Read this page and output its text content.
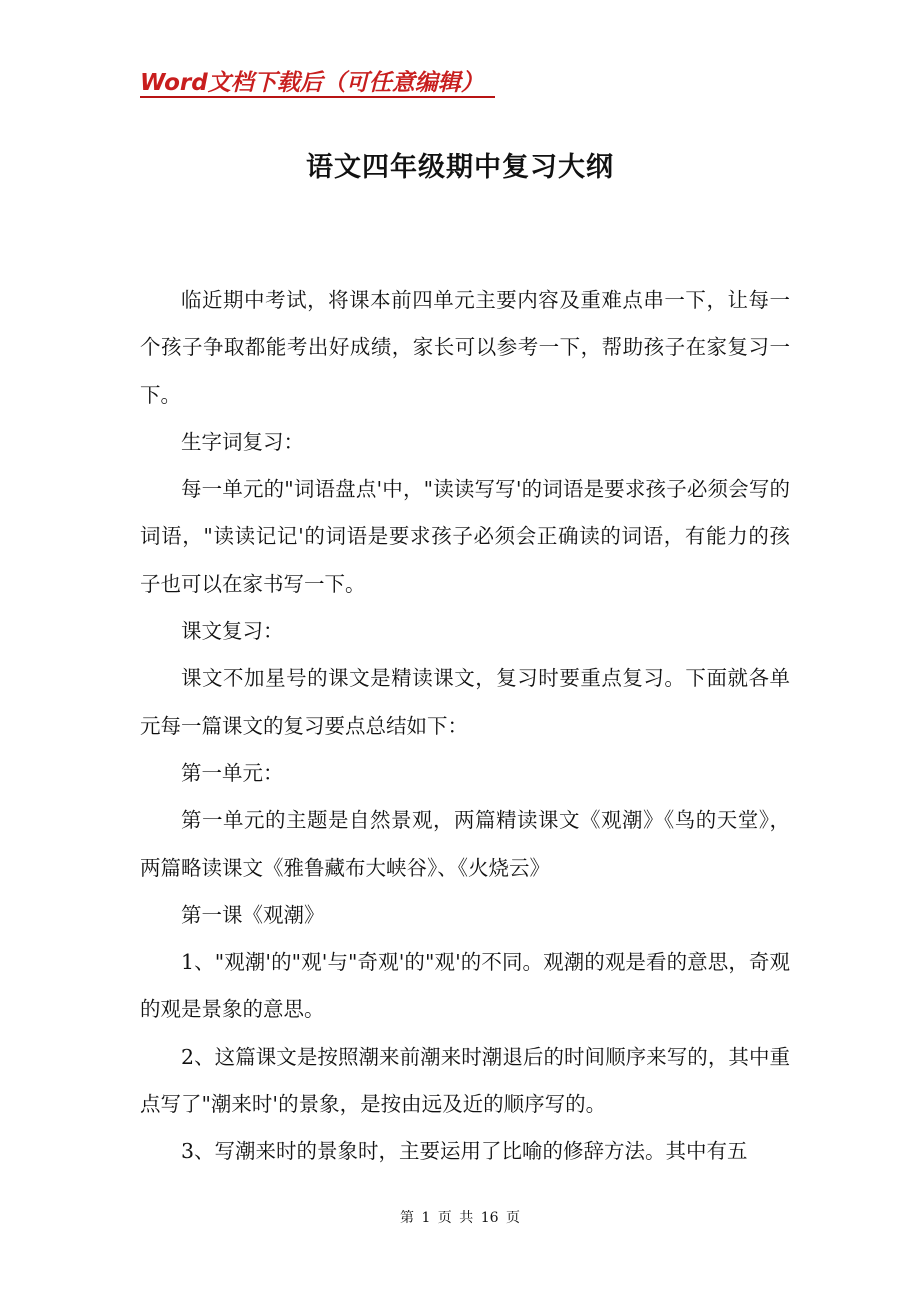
Word文档下载后（可任意编辑）
语文四年级期中复习大纲

临近期中考试，将课本前四单元主要内容及重难点串一下，让每一个孩子争取都能考出好成绩，家长可以参考一下，帮助孩子在家复习一下。

生字词复习：

每一单元的"词语盘点'中，"读读写写'的词语是要求孩子必须会写的词语，"读读记记'的词语是要求孩子必须会正确读的词语，有能力的孩子也可以在家书写一下。

课文复习：

课文不加星号的课文是精读课文，复习时要重点复习。下面就各单元每一篇课文的复习要点总结如下：

第一单元：

第一单元的主题是自然景观，两篇精读课文《观潮》《鸟的天堂》，两篇略读课文《雅鲁藏布大峡谷》、《火烧云》

第一课《观潮》

1、"观潮'的"观'与"奇观'的"观'的不同。观潮的观是看的意思，奇观的观是景象的意思。

2、这篇课文是按照潮来前潮来时潮退后的时间顺序来写的，其中重点写了"潮来时'的景象，是按由远及近的顺序写的。

3、写潮来时的景象时，主要运用了比喻的修辞方法。其中有五

第 1 页 共 16 页
